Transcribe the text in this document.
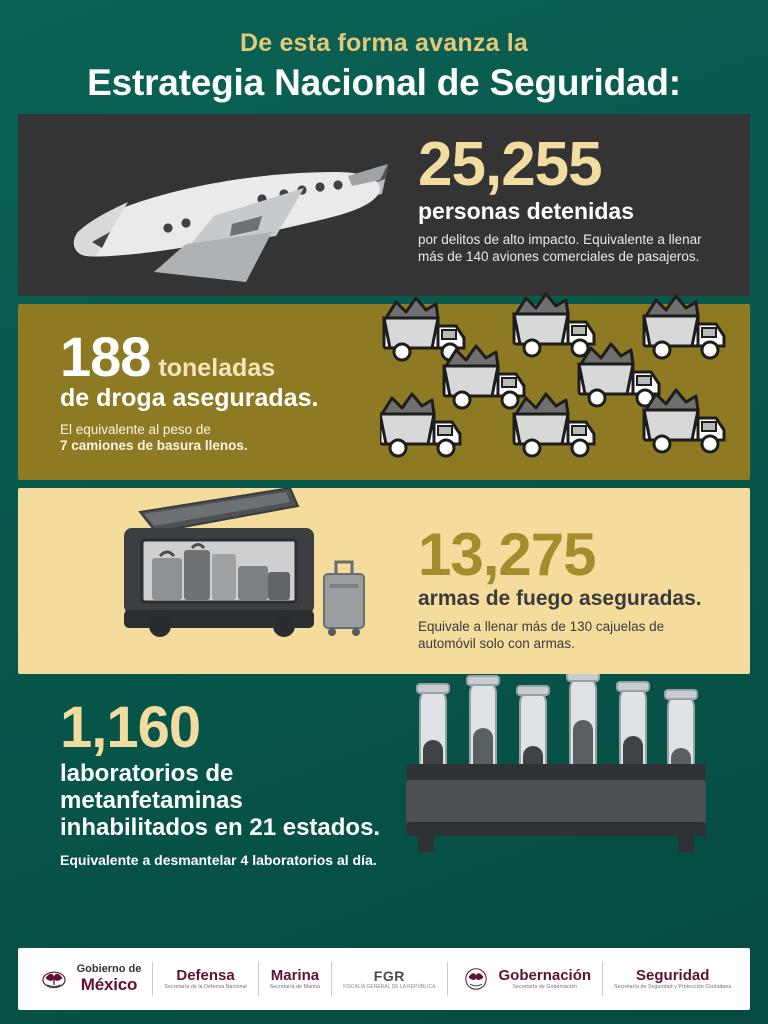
De esta forma avanza la
Estrategia Nacional de Seguridad:
25,255
personas detenidas
por delitos de alto impacto. Equivalente a llenar más de 140 aviones comerciales de pasajeros.
188 toneladas
de droga aseguradas.
El equivalente al peso de
7 camiones de basura llenos.
13,275
armas de fuego aseguradas.
Equivale a llenar más de 130 cajuelas de
automóvil solo con armas.
1,160
laboratorios de
metanfetaminas
inhabilitados en 21 estados.
Equivalente a desmantelar 4 laboratorios al día.
Gobierno de
México	Defensa
Secretaría de la Defensa Nacional
Marina
Secretaría de Marina
FGR
FISCALÍA GENERAL DE LA REPÚBLICA
Gobernación
Secretaría de Gobernación
Seguridad
Secretaría de Seguridad y Protección Ciudadana
